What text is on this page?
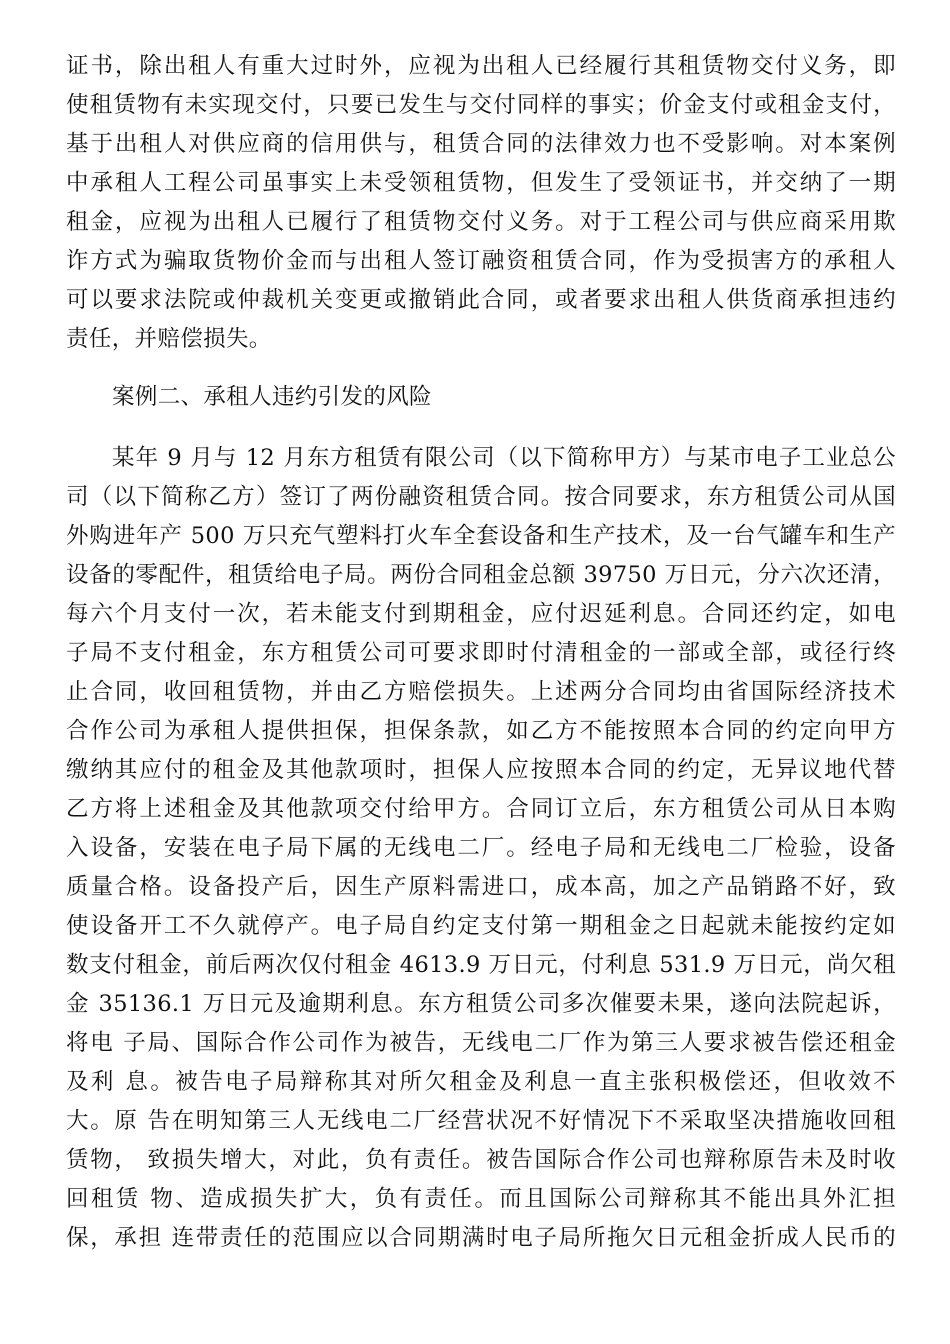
证书，除出租人有重大过时外，应视为出租人已经履行其租赁物交付义务，即
使租赁物有未实现交付，只要已发生与交付同样的事实；价金支付或租金支付，
基于出租人对供应商的信用供与，租赁合同的法律效力也不受影响。对本案例
中承租人工程公司虽事实上未受领租赁物，但发生了受领证书，并交纳了一期
租金，应视为出租人已履行了租赁物交付义务。对于工程公司与供应商采用欺
诈方式为骗取货物价金而与出租人签订融资租赁合同，作为受损害方的承租人
可以要求法院或仲裁机关变更或撤销此合同，或者要求出租人供货商承担违约
责任，并赔偿损失。
案例二、承租人违约引发的风险
某年 9 月与 12 月东方租赁有限公司（以下简称甲方）与某市电子工业总公
司（以下简称乙方）签订了两份融资租赁合同。按合同要求，东方租赁公司从国
外购进年产 500 万只充气塑料打火车全套设备和生产技术，及一台气罐车和生产
设备的零配件，租赁给电子局。两份合同租金总额 39750 万日元，分六次还清，
每六个月支付一次，若未能支付到期租金，应付迟延利息。合同还约定，如电
子局不支付租金，东方租赁公司可要求即时付清租金的一部或全部，或径行终
止合同，收回租赁物，并由乙方赔偿损失。上述两分合同均由省国际经济技术
合作公司为承租人提供担保，担保条款，如乙方不能按照本合同的约定向甲方
缴纳其应付的租金及其他款项时，担保人应按照本合同的约定，无异议地代替
乙方将上述租金及其他款项交付给甲方。合同订立后，东方租赁公司从日本购
入设备，安装在电子局下属的无线电二厂。经电子局和无线电二厂检验，设备
质量合格。设备投产后，因生产原料需进口，成本高，加之产品销路不好，致
使设备开工不久就停产。电子局自约定支付第一期租金之日起就未能按约定如
数支付租金，前后两次仅付租金 4613.9 万日元，付利息 531.9 万日元，尚欠租
金 35136.1 万日元及逾期利息。东方租赁公司多次催要未果，遂向法院起诉，
将电 子局、国际合作公司作为被告，无线电二厂作为第三人要求被告偿还租金
及利 息。被告电子局辩称其对所欠租金及利息一直主张积极偿还，但收效不
大。原 告在明知第三人无线电二厂经营状况不好情况下不采取坚决措施收回租
赁物， 致损失增大，对此，负有责任。被告国际合作公司也辩称原告未及时收
回租赁 物、造成损失扩大，负有责任。而且国际公司辩称其不能出具外汇担
保，承担 连带责任的范围应以合同期满时电子局所拖欠日元租金折成人民币的
